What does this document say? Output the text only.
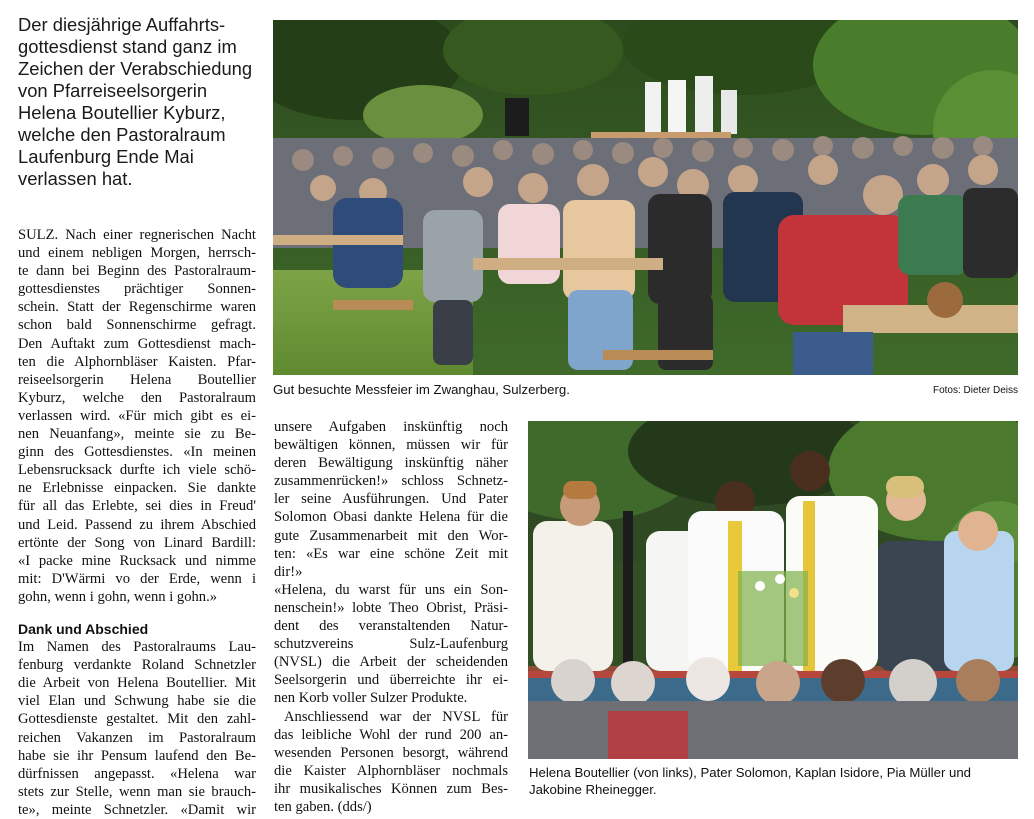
Der diesjährige Auffahrts-
gottesdienst stand ganz im
Zeichen der Verabschiedung
von Pfarreiseelsorgerin
Helena Boutellier Kyburz,
welche den Pastoralraum
Laufenburg Ende Mai
verlassen hat.
SULZ. Nach einer regnerischen Nacht
und einem nebligen Morgen, herrsch-
te dann bei Beginn des Pastoralraum-
gottesdienstes prächtiger Sonnen-
schein. Statt der Regenschirme waren
schon bald Sonnenschirme gefragt.
Den Auftakt zum Gottesdienst mach-
ten die Alphornbläser Kaisten. Pfar-
reiseelsorgerin Helena Boutellier
Kyburz, welche den Pastoralraum
verlassen wird. «Für mich gibt es ei-
nen Neuanfang», meinte sie zu Be-
ginn des Gottesdienstes. «In meinen
Lebensrucksack durfte ich viele schö-
ne Erlebnisse einpacken. Sie dankte
für all das Erlebte, sei dies in Freud'
und Leid. Passend zu ihrem Abschied
ertönte der Song von Linard Bardill:
«I packe mine Rucksack und nimme
mit: D'Wärmi vo der Erde, wenn i
gohn, wenn i gohn, wenn i gohn.»
Dank und Abschied
Im Namen des Pastoralraums Lau-
fenburg verdankte Roland Schnetzler
die Arbeit von Helena Boutellier. Mit
viel Elan und Schwung habe sie die
Gottesdienste gestaltet. Mit den zahl-
reichen Vakanzen im Pastoralraum
habe sie ihr Pensum laufend den Be-
dürfnissen angepasst. «Helena war
stets zur Stelle, wenn man sie brauch-
te», meinte Schnetzler. «Damit wir
unsere Aufgaben inskünftig noch
bewältigen können, müssen wir für
deren Bewältigung inskünftig näher
zusammenrücken!» schloss Schnetz-
ler seine Ausführungen. Und Pater
Solomon Obasi dankte Helena für die
gute Zusammenarbeit mit den Wor-
ten: «Es war eine schöne Zeit mit
dir!»
«Helena, du warst für uns ein Son-
nenschein!» lobte Theo Obrist, Präsi-
dent des veranstaltenden Natur-
schutzvereins Sulz-Laufenburg
(NVSL) die Arbeit der scheidenden
Seelsorgerin und überreichte ihr ei-
nen Korb voller Sulzer Produkte.
Anschliessend war der NVSL für
das leibliche Wohl der rund 200 an-
wesenden Personen besorgt, während
die Kaister Alphornbläser nochmals
ihr musikalisches Können zum Bes-
ten gaben. (dds/)
Gut besuchte Messfeier im Zwanghau, Sulzerberg.	Fotos: Dieter Deiss
Helena Boutellier (von links), Pater Solomon, Kaplan Isidore, Pia Müller und
Jakobine Rheinegger.
